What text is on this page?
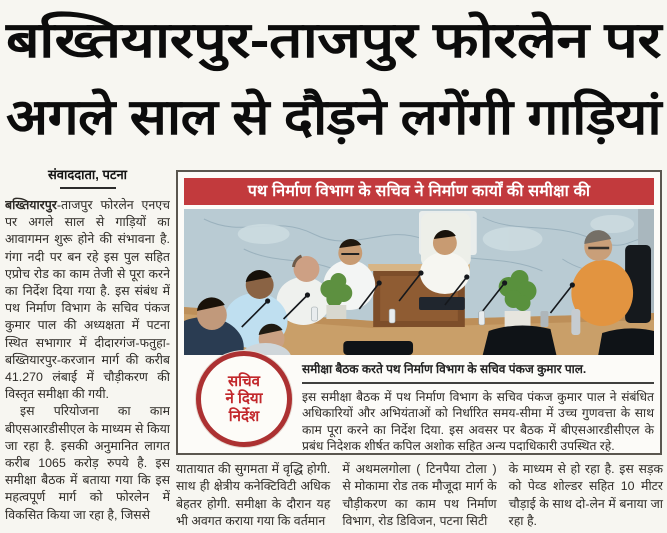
बख्तियारपुर-ताजपुर फोरलेन पर
अगले साल से दौड़ने लगेंगी गाड़ियां
संवाददाता, पटना

बख्तियारपुर-ताजपुर फोरलेन एनएच पर अगले साल से गाड़ियों का आवागमन शुरू होने की संभावना है. गंगा नदी पर बन रहे इस पुल सहित एप्रोच रोड का काम तेजी से पूरा करने का निर्देश दिया गया है. इस संबंध में पथ निर्माण विभाग के सचिव पंकज कुमार पाल की अध्यक्षता में पटना स्थित सभागार में दीदारगंज-फतुहा-बख्तियारपुर-करजान मार्ग की करीब 41.270 लंबाई में चौड़ीकरण की विस्तृत समीक्षा की गयी.

इस परियोजना का काम बीएसआरडीसीएल के माध्यम से किया जा रहा है. इसकी अनुमानित लागत करीब 1065 करोड़ रुपये है. इस समीक्षा बैठक में बताया गया कि इस महत्वपूर्ण मार्ग को फोरलेन में विकसित किया जा रहा है, जिससे

पथ निर्माण विभाग के सचिव ने निर्माण कार्यों की समीक्षा की
सचिव
ने दिया
निर्देश
समीक्षा बैठक करते पथ निर्माण विभाग के सचिव पंकज कुमार पाल.

इस समीक्षा बैठक में पथ निर्माण विभाग के सचिव पंकज कुमार पाल ने संबंधित अधिकारियों और अभियंताओं को निर्धारित समय-सीमा में उच्च गुणवत्ता के साथ काम पूरा करने का निर्देश दिया. इस अवसर पर बैठक में बीएसआरडीसीएल के प्रबंध निदेशक शीर्षत कपिल अशोक सहित अन्य पदाधिकारी उपस्थित रहे.

यातायात की सुगमता में वृद्धि होगी. साथ ही क्षेत्रीय कनेक्टिविटी अधिक बेहतर होगी. समीक्षा के दौरान यह भी अवगत कराया गया कि वर्तमान

में अथमलगोला ( टिनपैया टोला ) से मोकामा रोड तक मौजूदा मार्ग के चौड़ीकरण का काम पथ निर्माण विभाग, रोड डिविजन, पटना सिटी

के माध्यम से हो रहा है. इस सड़क को पेव्ड शोल्डर सहित 10 मीटर चौड़ाई के साथ दो-लेन में बनाया जा रहा है.
